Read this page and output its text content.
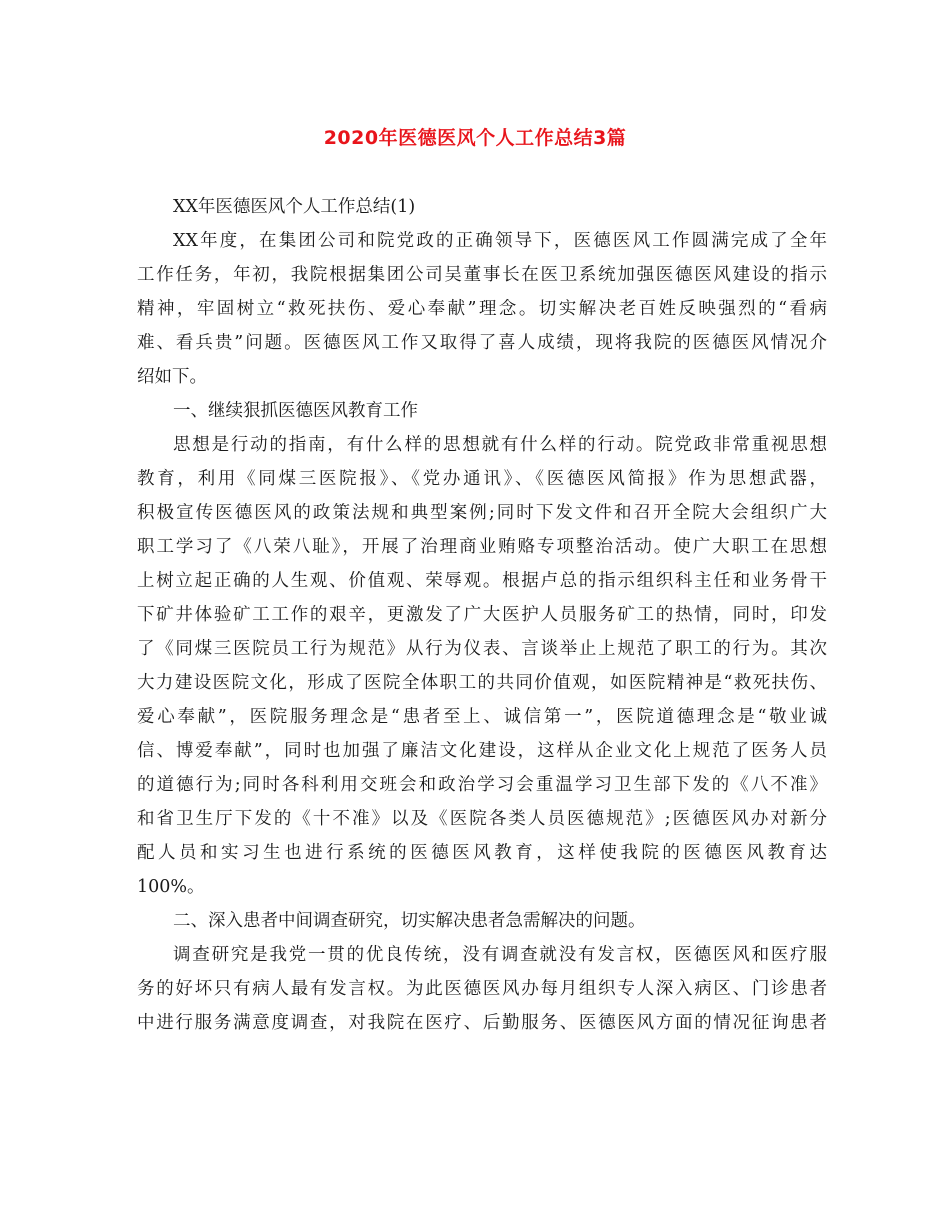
2020年医德医风个人工作总结3篇
XX年医德医风个人工作总结(1)
XX年度，在集团公司和院党政的正确领导下，医德医风工作圆满完成了全年
工作任务，年初，我院根据集团公司吴董事长在医卫系统加强医德医风建设的指示
精神，牢固树立“救死扶伤、爱心奉献”理念。切实解决老百姓反映强烈的“看病
难、看兵贵”问题。医德医风工作又取得了喜人成绩，现将我院的医德医风情况介
绍如下。
一、继续狠抓医德医风教育工作
思想是行动的指南，有什么样的思想就有什么样的行动。院党政非常重视思想
教育，利用《同煤三医院报》、《党办通讯》、《医德医风简报》作为思想武器，
积极宣传医德医风的政策法规和典型案例;同时下发文件和召开全院大会组织广大
职工学习了《八荣八耻》，开展了治理商业贿赂专项整治活动。使广大职工在思想
上树立起正确的人生观、价值观、荣辱观。根据卢总的指示组织科主任和业务骨干
下矿井体验矿工工作的艰辛，更激发了广大医护人员服务矿工的热情，同时，印发
了《同煤三医院员工行为规范》从行为仪表、言谈举止上规范了职工的行为。其次
大力建设医院文化，形成了医院全体职工的共同价值观，如医院精神是“救死扶伤、
爱心奉献”，医院服务理念是“患者至上、诚信第一”，医院道德理念是“敬业诚
信、博爱奉献”，同时也加强了廉洁文化建设，这样从企业文化上规范了医务人员
的道德行为;同时各科利用交班会和政治学习会重温学习卫生部下发的《八不准》
和省卫生厅下发的《十不准》以及《医院各类人员医德规范》;医德医风办对新分
配人员和实习生也进行系统的医德医风教育，这样使我院的医德医风教育达
100%。
二、深入患者中间调查研究，切实解决患者急需解决的问题。
调查研究是我党一贯的优良传统，没有调查就没有发言权，医德医风和医疗服
务的好坏只有病人最有发言权。为此医德医风办每月组织专人深入病区、门诊患者
中进行服务满意度调查，对我院在医疗、后勤服务、医德医风方面的情况征询患者
